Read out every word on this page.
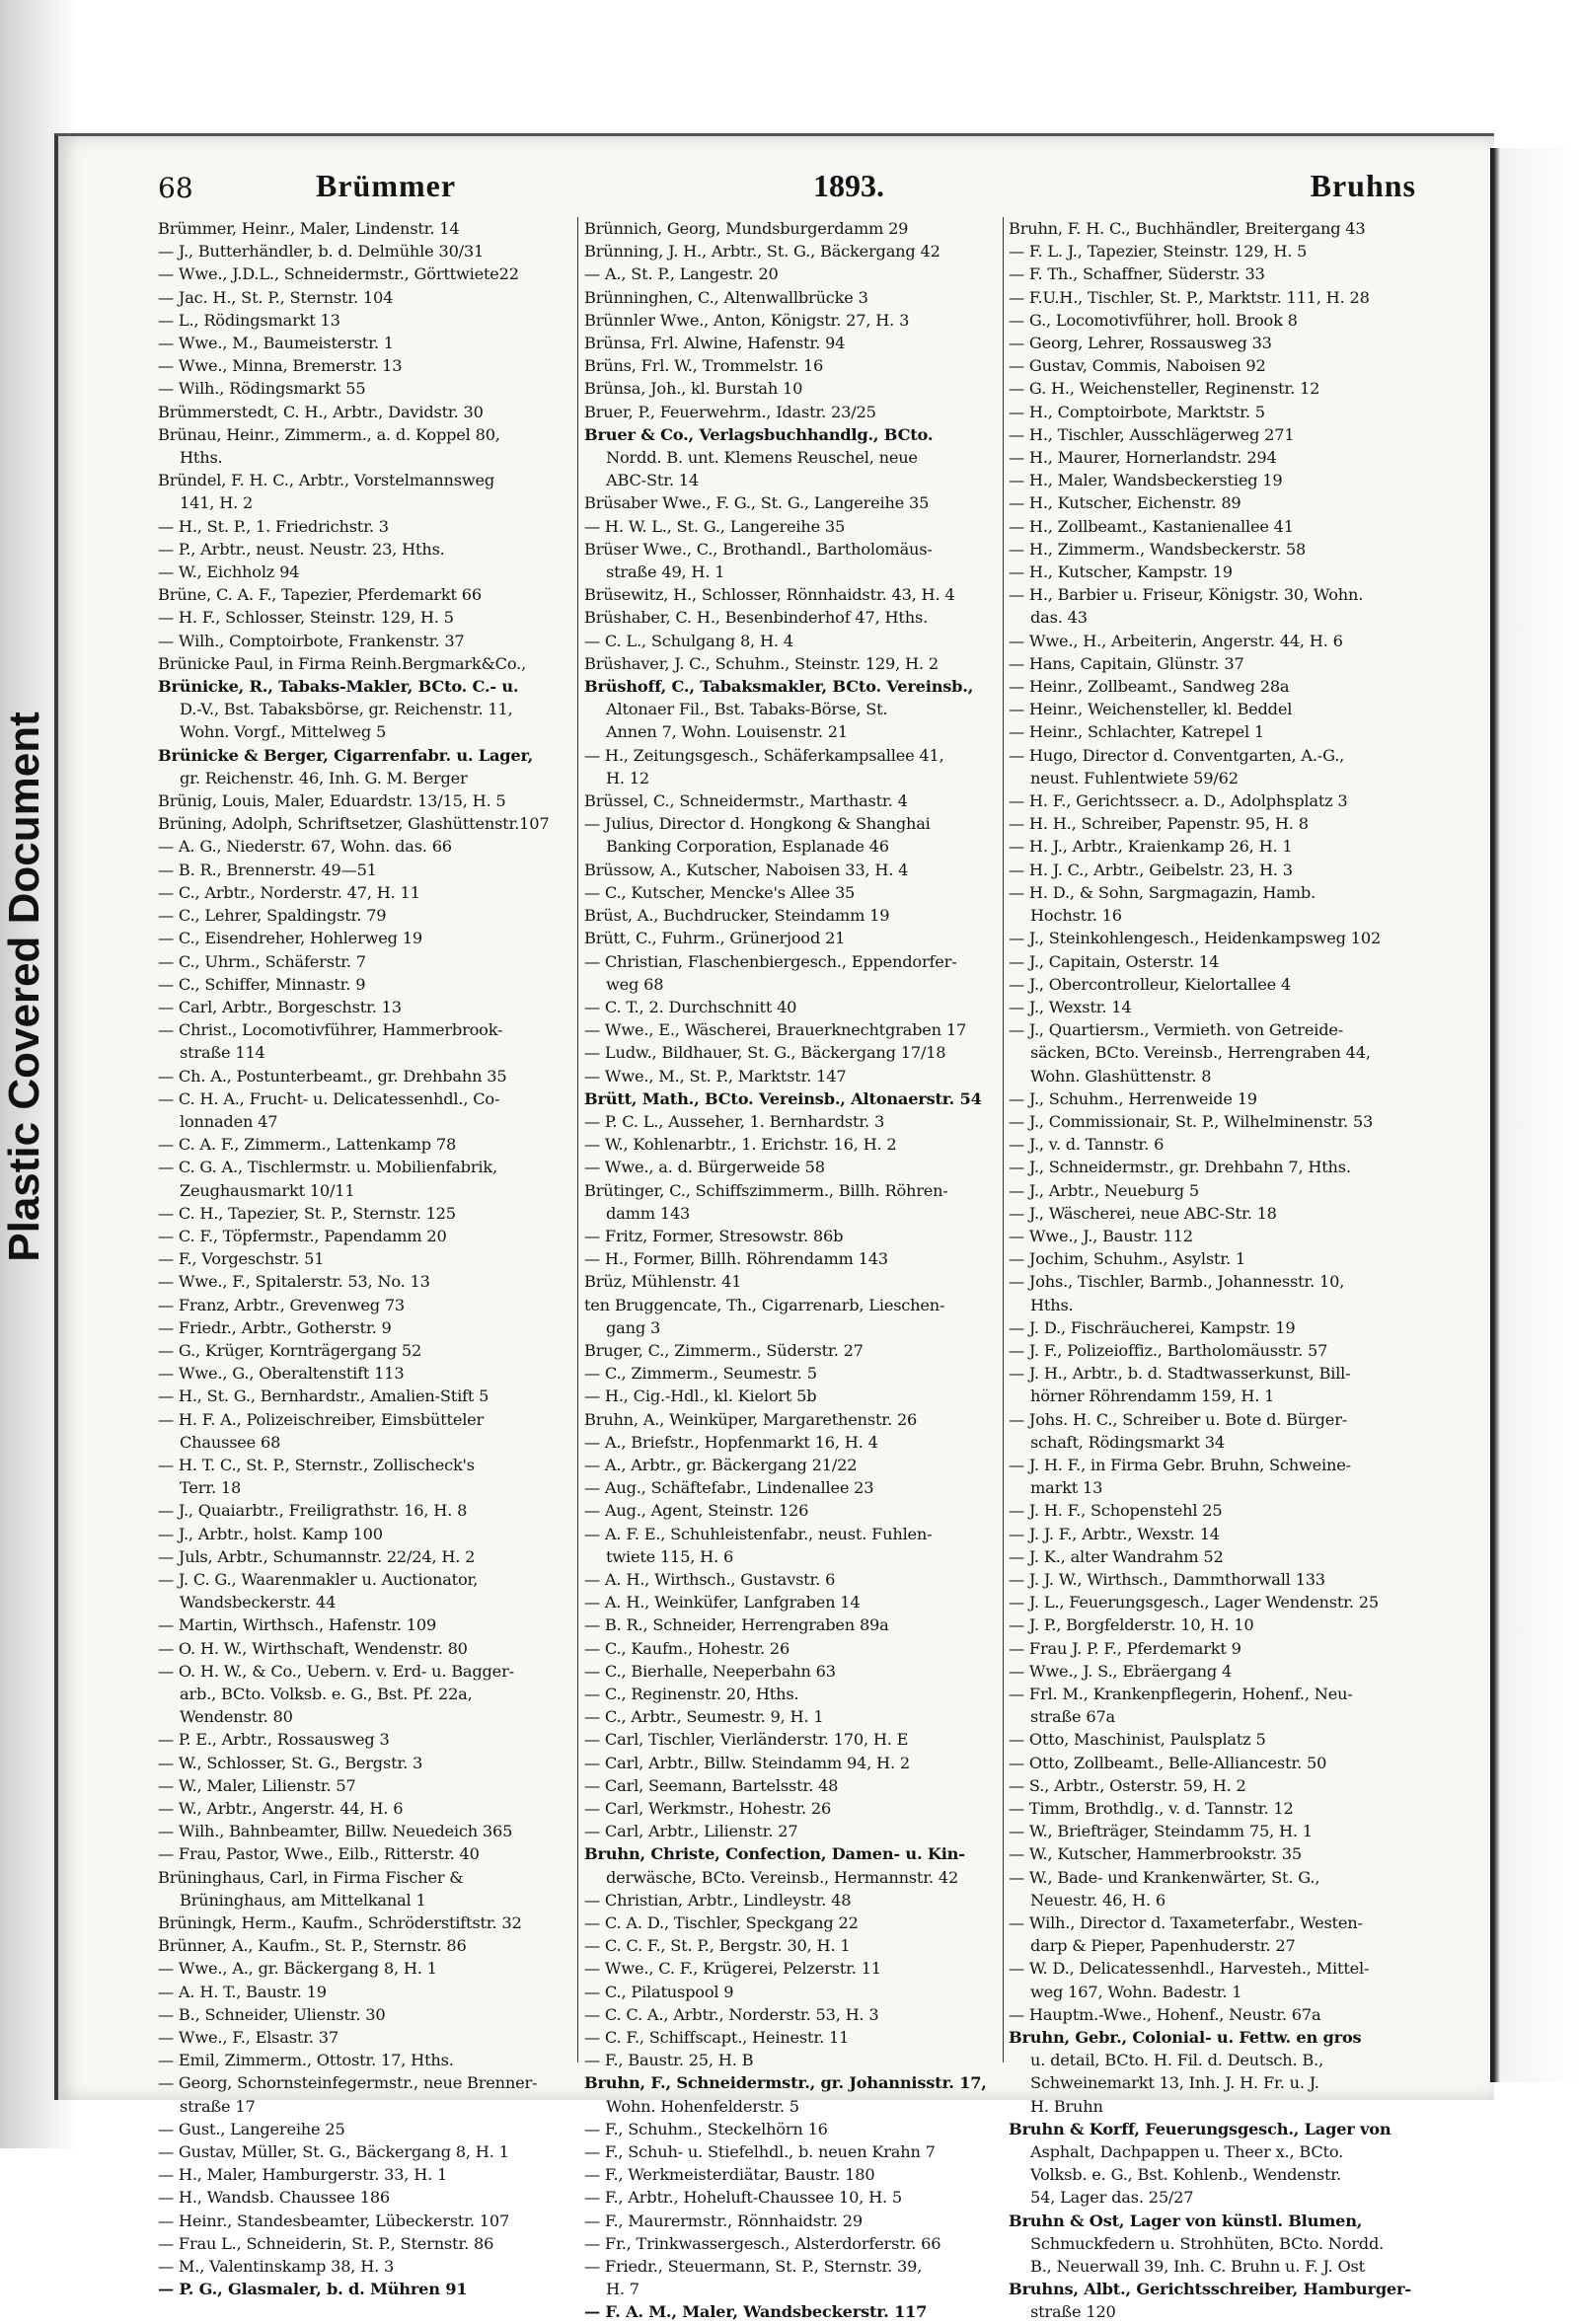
Plastic Covered Document
68	Brümmer	1893.	Bruhns
Brümmer, Heinr., Maler, Lindenstr. 14
— J., Butterhändler, b. d. Delmühle 30/31
— Wwe., J.D.L., Schneidermstr., Görttwiete22
— Jac. H., St. P., Sternstr. 104
— L., Rödingsmarkt 13
— Wwe., M., Baumeisterstr. 1
— Wwe., Minna, Bremerstr. 13
— Wilh., Rödingsmarkt 55
Brümmerstedt, C. H., Arbtr., Davidstr. 30
Brünau, Heinr., Zimmerm., a. d. Koppel 80,
Hths.
Bründel, F. H. C., Arbtr., Vorstelmannsweg
141, H. 2
— H., St. P., 1. Friedrichstr. 3
— P., Arbtr., neust. Neustr. 23, Hths.
— W., Eichholz 94
Brüne, C. A. F., Tapezier, Pferdemarkt 66
— H. F., Schlosser, Steinstr. 129, H. 5
— Wilh., Comptoirbote, Frankenstr. 37
Brünicke Paul, in Firma Reinh.Bergmark&Co.,
Brünicke, R., Tabaks-Makler, BCto. C.- u.
D.-V., Bst. Tabaksbörse, gr. Reichenstr. 11,
Wohn. Vorgf., Mittelweg 5
Brünicke & Berger, Cigarrenfabr. u. Lager,
gr. Reichenstr. 46, Inh. G. M. Berger
Brünig, Louis, Maler, Eduardstr. 13/15, H. 5
Brüning, Adolph, Schriftsetzer, Glashüttenstr.107
— A. G., Niederstr. 67, Wohn. das. 66
— B. R., Brennerstr. 49—51
— C., Arbtr., Norderstr. 47, H. 11
— C., Lehrer, Spaldingstr. 79
— C., Eisendreher, Hohlerweg 19
— C., Uhrm., Schäferstr. 7
— C., Schiffer, Minnastr. 9
— Carl, Arbtr., Borgeschstr. 13
— Christ., Locomotivführer, Hammerbrook-
straße 114
— Ch. A., Postunterbeamt., gr. Drehbahn 35
— C. H. A., Frucht- u. Delicatessenhdl., Co-
lonnaden 47
— C. A. F., Zimmerm., Lattenkamp 78
— C. G. A., Tischlermstr. u. Mobilienfabrik,
Zeughausmarkt 10/11
— C. H., Tapezier, St. P., Sternstr. 125
— C. F., Töpfermstr., Papendamm 20
— F., Vorgeschstr. 51
— Wwe., F., Spitalerstr. 53, No. 13
— Franz, Arbtr., Grevenweg 73
— Friedr., Arbtr., Gotherstr. 9
— G., Krüger, Kornträgergang 52
— Wwe., G., Oberaltenstift 113
— H., St. G., Bernhardstr., Amalien-Stift 5
— H. F. A., Polizeischreiber, Eimsbütteler
Chaussee 68
— H. T. C., St. P., Sternstr., Zollischeck's
Terr. 18
— J., Quaiarbtr., Freiligrathstr. 16, H. 8
— J., Arbtr., holst. Kamp 100
— Juls, Arbtr., Schumannstr. 22/24, H. 2
— J. C. G., Waarenmakler u. Auctionator,
Wandsbeckerstr. 44
— Martin, Wirthsch., Hafenstr. 109
— O. H. W., Wirthschaft, Wendenstr. 80
— O. H. W., & Co., Uebern. v. Erd- u. Bagger-
arb., BCto. Volksb. e. G., Bst. Pf. 22a,
Wendenstr. 80
— P. E., Arbtr., Rossausweg 3
— W., Schlosser, St. G., Bergstr. 3
— W., Maler, Lilienstr. 57
— W., Arbtr., Angerstr. 44, H. 6
— Wilh., Bahnbeamter, Billw. Neuedeich 365
— Frau, Pastor, Wwe., Eilb., Ritterstr. 40
Brüninghaus, Carl, in Firma Fischer &
Brüninghaus, am Mittelkanal 1
Brüningk, Herm., Kaufm., Schröderstiftstr. 32
Brünner, A., Kaufm., St. P., Sternstr. 86
— Wwe., A., gr. Bäckergang 8, H. 1
— A. H. T., Baustr. 19
— B., Schneider, Ulienstr. 30
— Wwe., F., Elsastr. 37
— Emil, Zimmerm., Ottostr. 17, Hths.
— Georg, Schornsteinfegermstr., neue Brenner-
straße 17
— Gust., Langereihe 25
— Gustav, Müller, St. G., Bäckergang 8, H. 1
— H., Maler, Hamburgerstr. 33, H. 1
— H., Wandsb. Chaussee 186
— Heinr., Standesbeamter, Lübeckerstr. 107
— Frau L., Schneiderin, St. P., Sternstr. 86
— M., Valentinskamp 38, H. 3
— P. G., Glasmaler, b. d. Mühren 91
Brünnich, Georg, Mundsburgerdamm 29
Brünning, J. H., Arbtr., St. G., Bäckergang 42
— A., St. P., Langestr. 20
Brünninghen, C., Altenwallbrücke 3
Brünnler Wwe., Anton, Königstr. 27, H. 3
Brünsa, Frl. Alwine, Hafenstr. 94
Brüns, Frl. W., Trommelstr. 16
Brünsa, Joh., kl. Burstah 10
Bruer, P., Feuerwehrm., Idastr. 23/25
Bruer & Co., Verlagsbuchhandlg., BCto.
Nordd. B. unt. Klemens Reuschel, neue
ABC-Str. 14
Brüsaber Wwe., F. G., St. G., Langereihe 35
— H. W. L., St. G., Langereihe 35
Brüser Wwe., C., Brothandl., Bartholomäus-
straße 49, H. 1
Brüsewitz, H., Schlosser, Rönnhaidstr. 43, H. 4
Brüshaber, C. H., Besenbinderhof 47, Hths.
— C. L., Schulgang 8, H. 4
Brüshaver, J. C., Schuhm., Steinstr. 129, H. 2
Brüshoff, C., Tabaksmakler, BCto. Vereinsb.,
Altonaer Fil., Bst. Tabaks-Börse, St.
Annen 7, Wohn. Louisenstr. 21
— H., Zeitungsgesch., Schäferkampsallee 41,
H. 12
Brüssel, C., Schneidermstr., Marthastr. 4
— Julius, Director d. Hongkong & Shanghai
Banking Corporation, Esplanade 46
Brüssow, A., Kutscher, Naboisen 33, H. 4
— C., Kutscher, Mencke's Allee 35
Brüst, A., Buchdrucker, Steindamm 19
Brütt, C., Fuhrm., Grünerjood 21
— Christian, Flaschenbiergesch., Eppendorfer-
weg 68
— C. T., 2. Durchschnitt 40
— Wwe., E., Wäscherei, Brauerknechtgraben 17
— Ludw., Bildhauer, St. G., Bäckergang 17/18
— Wwe., M., St. P., Marktstr. 147
Brütt, Math., BCto. Vereinsb., Altonaerstr. 54
— P. C. L., Ausseher, 1. Bernhardstr. 3
— W., Kohlenarbtr., 1. Erichstr. 16, H. 2
— Wwe., a. d. Bürgerweide 58
Brütinger, C., Schiffszimmerm., Billh. Röhren-
damm 143
— Fritz, Former, Stresowstr. 86b
— H., Former, Billh. Röhrendamm 143
Brüz, Mühlenstr. 41
ten Bruggencate, Th., Cigarrenarb, Lieschen-
gang 3
Bruger, C., Zimmerm., Süderstr. 27
— C., Zimmerm., Seumestr. 5
— H., Cig.-Hdl., kl. Kielort 5b
Bruhn, A., Weinküper, Margarethenstr. 26
— A., Briefstr., Hopfenmarkt 16, H. 4
— A., Arbtr., gr. Bäckergang 21/22
— Aug., Schäftefabr., Lindenallee 23
— Aug., Agent, Steinstr. 126
— A. F. E., Schuhleistenfabr., neust. Fuhlen-
twiete 115, H. 6
— A. H., Wirthsch., Gustavstr. 6
— A. H., Weinküfer, Lanfgraben 14
— B. R., Schneider, Herrengraben 89a
— C., Kaufm., Hohestr. 26
— C., Bierhalle, Neeperbahn 63
— C., Reginenstr. 20, Hths.
— C., Arbtr., Seumestr. 9, H. 1
— Carl, Tischler, Vierländerstr. 170, H. E
— Carl, Arbtr., Billw. Steindamm 94, H. 2
— Carl, Seemann, Bartelsstr. 48
— Carl, Werkmstr., Hohestr. 26
— Carl, Arbtr., Lilienstr. 27
Bruhn, Christe, Confection, Damen- u. Kin-
derwäsche, BCto. Vereinsb., Hermannstr. 42
— Christian, Arbtr., Lindleystr. 48
— C. A. D., Tischler, Speckgang 22
— C. C. F., St. P., Bergstr. 30, H. 1
— Wwe., C. F., Krügerei, Pelzerstr. 11
— C., Pilatuspool 9
— C. C. A., Arbtr., Norderstr. 53, H. 3
— C. F., Schiffscapt., Heinestr. 11
— F., Baustr. 25, H. B
Bruhn, F., Schneidermstr., gr. Johannisstr. 17,
Wohn. Hohenfelderstr. 5
— F., Schuhm., Steckelhörn 16
— F., Schuh- u. Stiefelhdl., b. neuen Krahn 7
— F., Werkmeisterdiätar, Baustr. 180
— F., Arbtr., Hoheluft-Chaussee 10, H. 5
— F., Maurermstr., Rönnhaidstr. 29
— Fr., Trinkwassergesch., Alsterdorferstr. 66
— Friedr., Steuermann, St. P., Sternstr. 39,
H. 7
— F. A. M., Maler, Wandsbeckerstr. 117
Bruhn, F. H. C., Buchhändler, Breitergang 43
— F. L. J., Tapezier, Steinstr. 129, H. 5
— F. Th., Schaffner, Süderstr. 33
— F.U.H., Tischler, St. P., Marktstr. 111, H. 28
— G., Locomotivführer, holl. Brook 8
— Georg, Lehrer, Rossausweg 33
— Gustav, Commis, Naboisen 92
— G. H., Weichensteller, Reginenstr. 12
— H., Comptoirbote, Marktstr. 5
— H., Tischler, Ausschlägerweg 271
— H., Maurer, Hornerlandstr. 294
— H., Maler, Wandsbeckerstieg 19
— H., Kutscher, Eichenstr. 89
— H., Zollbeamt., Kastanienallee 41
— H., Zimmerm., Wandsbeckerstr. 58
— H., Kutscher, Kampstr. 19
— H., Barbier u. Friseur, Königstr. 30, Wohn.
das. 43
— Wwe., H., Arbeiterin, Angerstr. 44, H. 6
— Hans, Capitain, Glünstr. 37
— Heinr., Zollbeamt., Sandweg 28a
— Heinr., Weichensteller, kl. Beddel
— Heinr., Schlachter, Katrepel 1
— Hugo, Director d. Conventgarten, A.-G.,
neust. Fuhlentwiete 59/62
— H. F., Gerichtssecr. a. D., Adolphsplatz 3
— H. H., Schreiber, Papenstr. 95, H. 8
— H. J., Arbtr., Kraienkamp 26, H. 1
— H. J. C., Arbtr., Geibelstr. 23, H. 3
— H. D., & Sohn, Sargmagazin, Hamb.
Hochstr. 16
— J., Steinkohlengesch., Heidenkampsweg 102
— J., Capitain, Osterstr. 14
— J., Obercontrolleur, Kielortallee 4
— J., Wexstr. 14
— J., Quartiersm., Vermieth. von Getreide-
säcken, BCto. Vereinsb., Herrengraben 44,
Wohn. Glashüttenstr. 8
— J., Schuhm., Herrenweide 19
— J., Commissionair, St. P., Wilhelminenstr. 53
— J., v. d. Tannstr. 6
— J., Schneidermstr., gr. Drehbahn 7, Hths.
— J., Arbtr., Neueburg 5
— J., Wäscherei, neue ABC-Str. 18
— Wwe., J., Baustr. 112
— Jochim, Schuhm., Asylstr. 1
— Johs., Tischler, Barmb., Johannesstr. 10,
Hths.
— J. D., Fischräucherei, Kampstr. 19
— J. F., Polizeioffiz., Bartholomäusstr. 57
— J. H., Arbtr., b. d. Stadtwasserkunst, Bill-
hörner Röhrendamm 159, H. 1
— Johs. H. C., Schreiber u. Bote d. Bürger-
schaft, Rödingsmarkt 34
— J. H. F., in Firma Gebr. Bruhn, Schweine-
markt 13
— J. H. F., Schopenstehl 25
— J. J. F., Arbtr., Wexstr. 14
— J. K., alter Wandrahm 52
— J. J. W., Wirthsch., Dammthorwall 133
— J. L., Feuerungsgesch., Lager Wendenstr. 25
— J. P., Borgfelderstr. 10, H. 10
— Frau J. P. F., Pferdemarkt 9
— Wwe., J. S., Ebräergang 4
— Frl. M., Krankenpflegerin, Hohenf., Neu-
straße 67a
— Otto, Maschinist, Paulsplatz 5
— Otto, Zollbeamt., Belle-Alliancestr. 50
— S., Arbtr., Osterstr. 59, H. 2
— Timm, Brothdlg., v. d. Tannstr. 12
— W., Briefträger, Steindamm 75, H. 1
— W., Kutscher, Hammerbrookstr. 35
— W., Bade- und Krankenwärter, St. G.,
Neuestr. 46, H. 6
— Wilh., Director d. Taxameterfabr., Westen-
darp & Pieper, Papenhuderstr. 27
— W. D., Delicatessenhdl., Harvesteh., Mittel-
weg 167, Wohn. Badestr. 1
— Hauptm.-Wwe., Hohenf., Neustr. 67a
Bruhn, Gebr., Colonial- u. Fettw. en gros
u. detail, BCto. H. Fil. d. Deutsch. B.,
Schweinemarkt 13, Inh. J. H. Fr. u. J.
H. Bruhn
Bruhn & Korff, Feuerungsgesch., Lager von
Asphalt, Dachpappen u. Theer x., BCto.
Volksb. e. G., Bst. Kohlenb., Wendenstr.
54, Lager das. 25/27
Bruhn & Ost, Lager von künstl. Blumen,
Schmuckfedern u. Strohhüten, BCto. Nordd.
B., Neuerwall 39, Inh. C. Bruhn u. F. J. Ost
Bruhns, Albt., Gerichtsschreiber, Hamburger-
straße 120
